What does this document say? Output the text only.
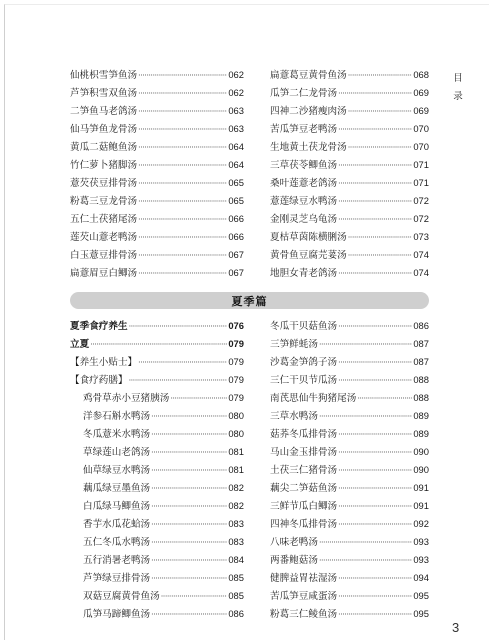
仙桃枳雪笋鱼汤 ·····	062
芦笋积雪双鱼汤 ·····	062
二笋鱼马老鸽汤 ·····	063
仙马笋鱼龙骨汤 ·····	063
黄瓜二菇鲍鱼汤 ·····	064
竹仁萝卜猪脚汤 ·····	064
薏芡茯豆排骨汤 ·····	065
粉葛三豆龙骨汤 ·····	065
五仁土茯猪尾汤 ·····	066
莲芡山薏老鸭汤 ·····	066
白玉薏豆排骨汤 ·····	067
扁薏眉豆白鲫汤 ·····	067
扁薏葛豆黄骨鱼汤 ·····	068
瓜笋二仁龙骨汤 ·····	069
四神二沙猪瘦肉汤 ·····	069
苦瓜笋豆老鸭汤 ·····	070
生地黄土茯龙骨汤 ·····	070
三草茯苓鲫鱼汤 ·····	071
桑叶莲薏老鸽汤 ·····	071
薏莲绿豆水鸭汤 ·····	072
金刚灵芝乌龟汤 ·····	072
夏枯草茵陈横脷汤 ·····	073
黄骨鱼豆腐芫荽汤 ·····	074
地胆女青老鸽汤 ·····	074
夏季篇
夏季食疗养生 ·····	076
立夏 ·····	079
【养生小贴士】 ·····	079
【食疗药膳】 ·····	079
鸡骨草赤小豆猪胰汤 ·····	079
洋参石斛水鸭汤 ·····	080
冬瓜薏米水鸭汤 ·····	080
草绿莲山老鸽汤 ·····	081
仙草绿豆水鸭汤 ·····	081
藕瓜绿豆墨鱼汤 ·····	082
白瓜绿马鲫鱼汤 ·····	082
香芋水瓜花蛤汤 ·····	083
五仁冬瓜水鸭汤 ·····	083
五行消暑老鸭汤 ·····	084
芦笋绿豆排骨汤 ·····	085
双菇豆腐黄骨鱼汤 ·····	085
瓜笋马蹄鲫鱼汤 ·····	086
冬瓜干贝菇鱼汤 ·····	086
三笋鲜蚝汤 ·····	087
沙葛金笋鸽子汤 ·····	087
三仁干贝节瓜汤 ·····	088
南芪思仙牛狗猪尾汤 ·····	088
三草水鸭汤 ·····	089
菇荞冬瓜排骨汤 ·····	089
马山金玉排骨汤 ·····	090
土茯三仁猪骨汤 ·····	090
藕尖二笋菇鱼汤 ·····	091
三鲜节瓜白鲫汤 ·····	091
四神冬瓜排骨汤 ·····	092
八味老鸭汤 ·····	093
两番鲍菇汤 ·····	093
健脾益胃祛湿汤 ·····	094
苦瓜笋豆咸蛋汤 ·····	095
粉葛三仁鲮鱼汤 ·····	095
目
录
3
